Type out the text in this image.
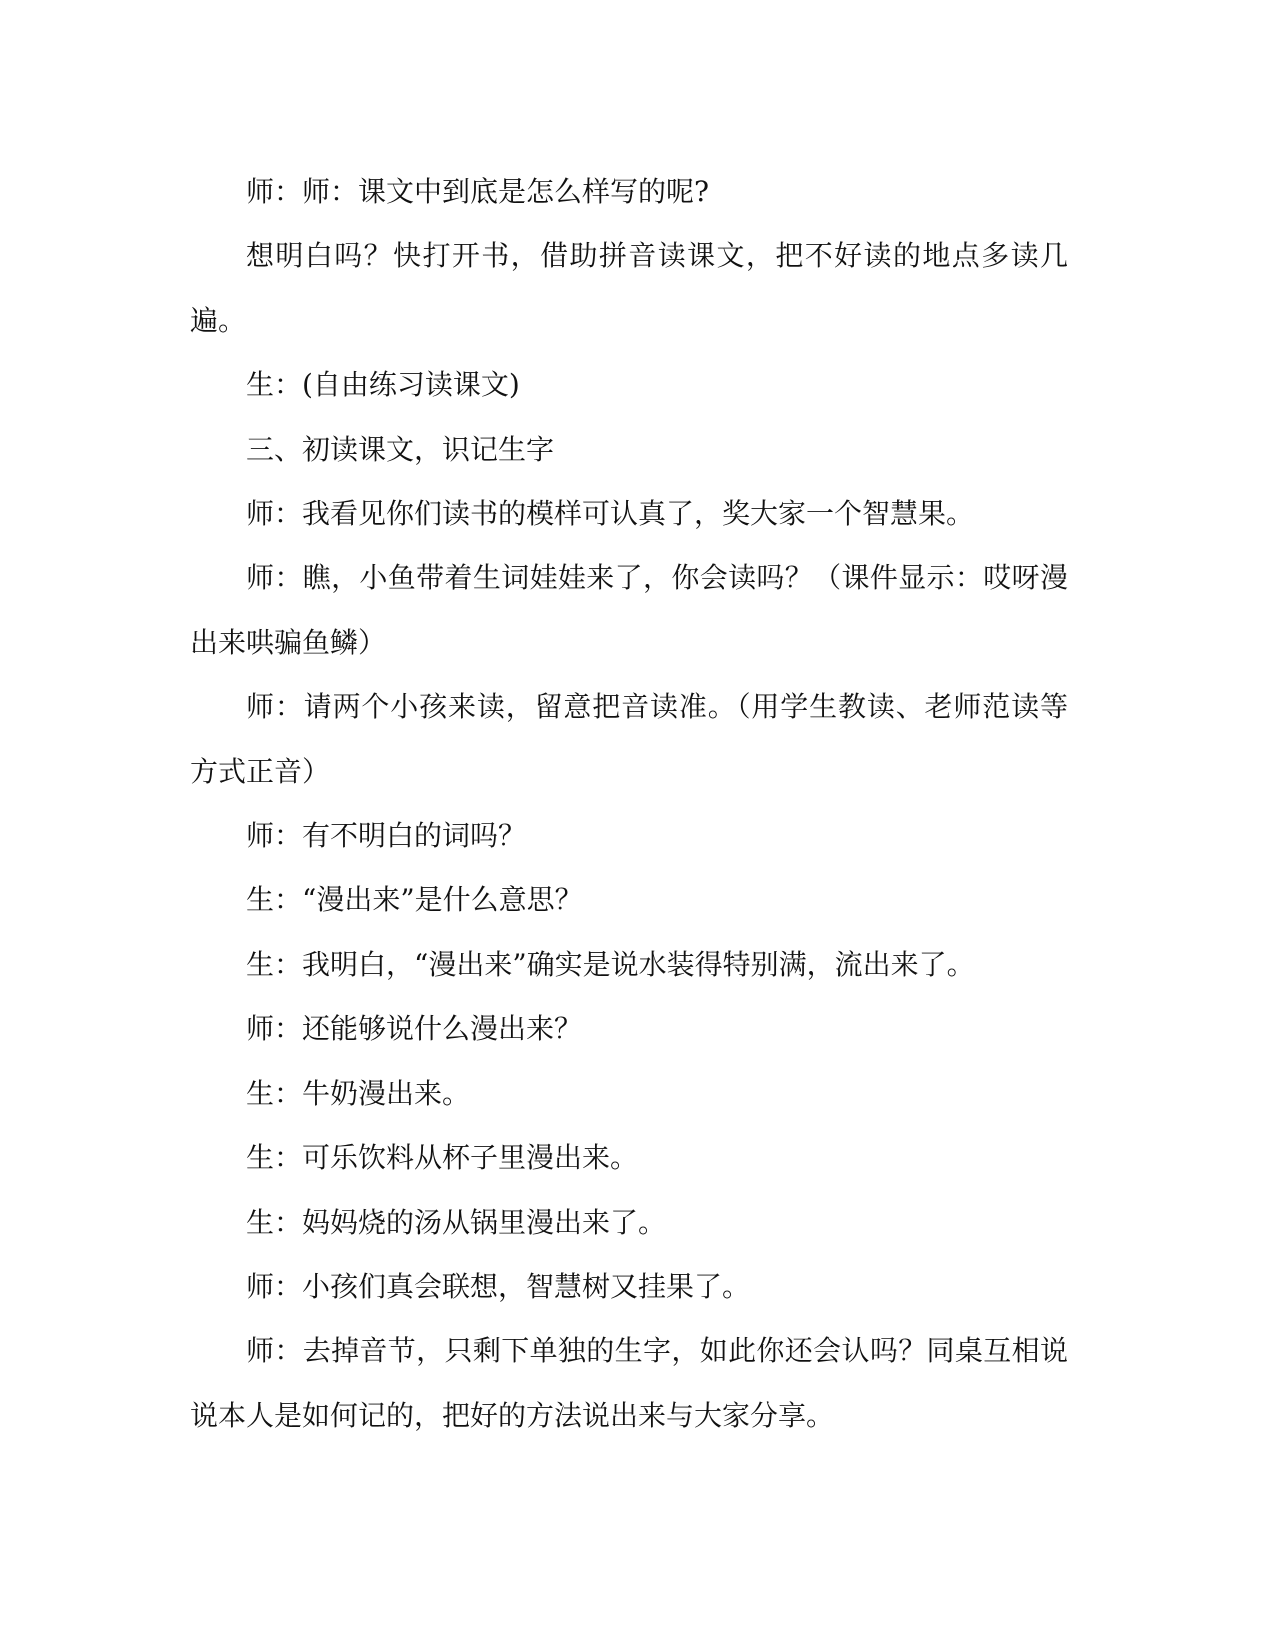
师：师：课文中到底是怎么样写的呢?

想明白吗？快打开书，借助拼音读课文，把不好读的地点多读几遍。

生：(自由练习读课文)

三、初读课文，识记生字

师：我看见你们读书的模样可认真了，奖大家一个智慧果。

师：瞧，小鱼带着生词娃娃来了，你会读吗？（课件显示：哎呀漫出来哄骗鱼鳞）

师：请两个小孩来读，留意把音读准。（用学生教读、老师范读等方式正音）

师：有不明白的词吗？

生：“漫出来”是什么意思？

生：我明白，“漫出来”确实是说水装得特别满，流出来了。

师：还能够说什么漫出来？

生：牛奶漫出来。

生：可乐饮料从杯子里漫出来。

生：妈妈烧的汤从锅里漫出来了。

师：小孩们真会联想，智慧树又挂果了。

师：去掉音节，只剩下单独的生字，如此你还会认吗？同桌互相说说本人是如何记的，把好的方法说出来与大家分享。
